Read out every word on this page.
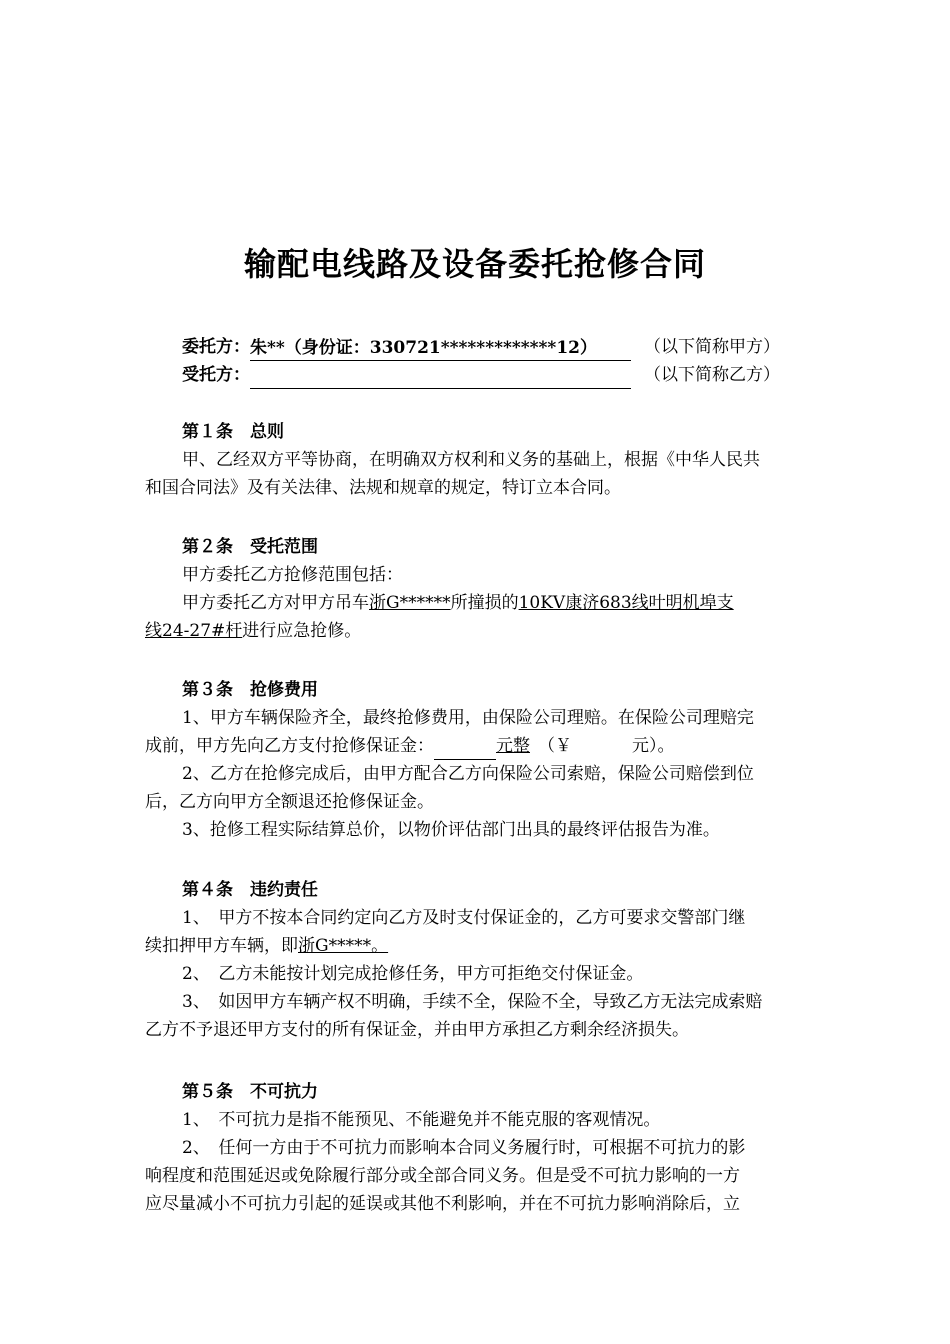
输配电线路及设备委托抢修合同
委托方：朱**（身份证：330721*************12）	（以下简称甲方）
受托方：	（以下简称乙方）
第１条　总则
甲、乙经双方平等协商，在明确双方权利和义务的基础上，根据《中华人民共
和国合同法》及有关法律、法规和规章的规定，特订立本合同。
第２条　受托范围
甲方委托乙方抢修范围包括：
甲方委托乙方对甲方吊车浙G******所撞损的10KV康济683线叶明机埠支
线24-27#杆进行应急抢修。
第３条　抢修费用
1、甲方车辆保险齐全，最终抢修费用，由保险公司理赔。在保险公司理赔完
成前，甲方先向乙方支付抢修保证金：	元整 （￥	元）。
2、乙方在抢修完成后，由甲方配合乙方向保险公司索赔，保险公司赔偿到位
后，乙方向甲方全额退还抢修保证金。
3、抢修工程实际结算总价，以物价评估部门出具的最终评估报告为准。
第４条　违约责任
1、　甲方不按本合同约定向乙方及时支付保证金的，乙方可要求交警部门继
续扣押甲方车辆，即浙G*****。
2、　乙方未能按计划完成抢修任务，甲方可拒绝交付保证金。
3、　如因甲方车辆产权不明确，手续不全，保险不全，导致乙方无法完成索赔
乙方不予退还甲方支付的所有保证金，并由甲方承担乙方剩余经济损失。
第５条　不可抗力
1、　不可抗力是指不能预见、不能避免并不能克服的客观情况。
2、　任何一方由于不可抗力而影响本合同义务履行时，可根据不可抗力的影
响程度和范围延迟或免除履行部分或全部合同义务。但是受不可抗力影响的一方
应尽量减小不可抗力引起的延误或其他不利影响，并在不可抗力影响消除后，立
